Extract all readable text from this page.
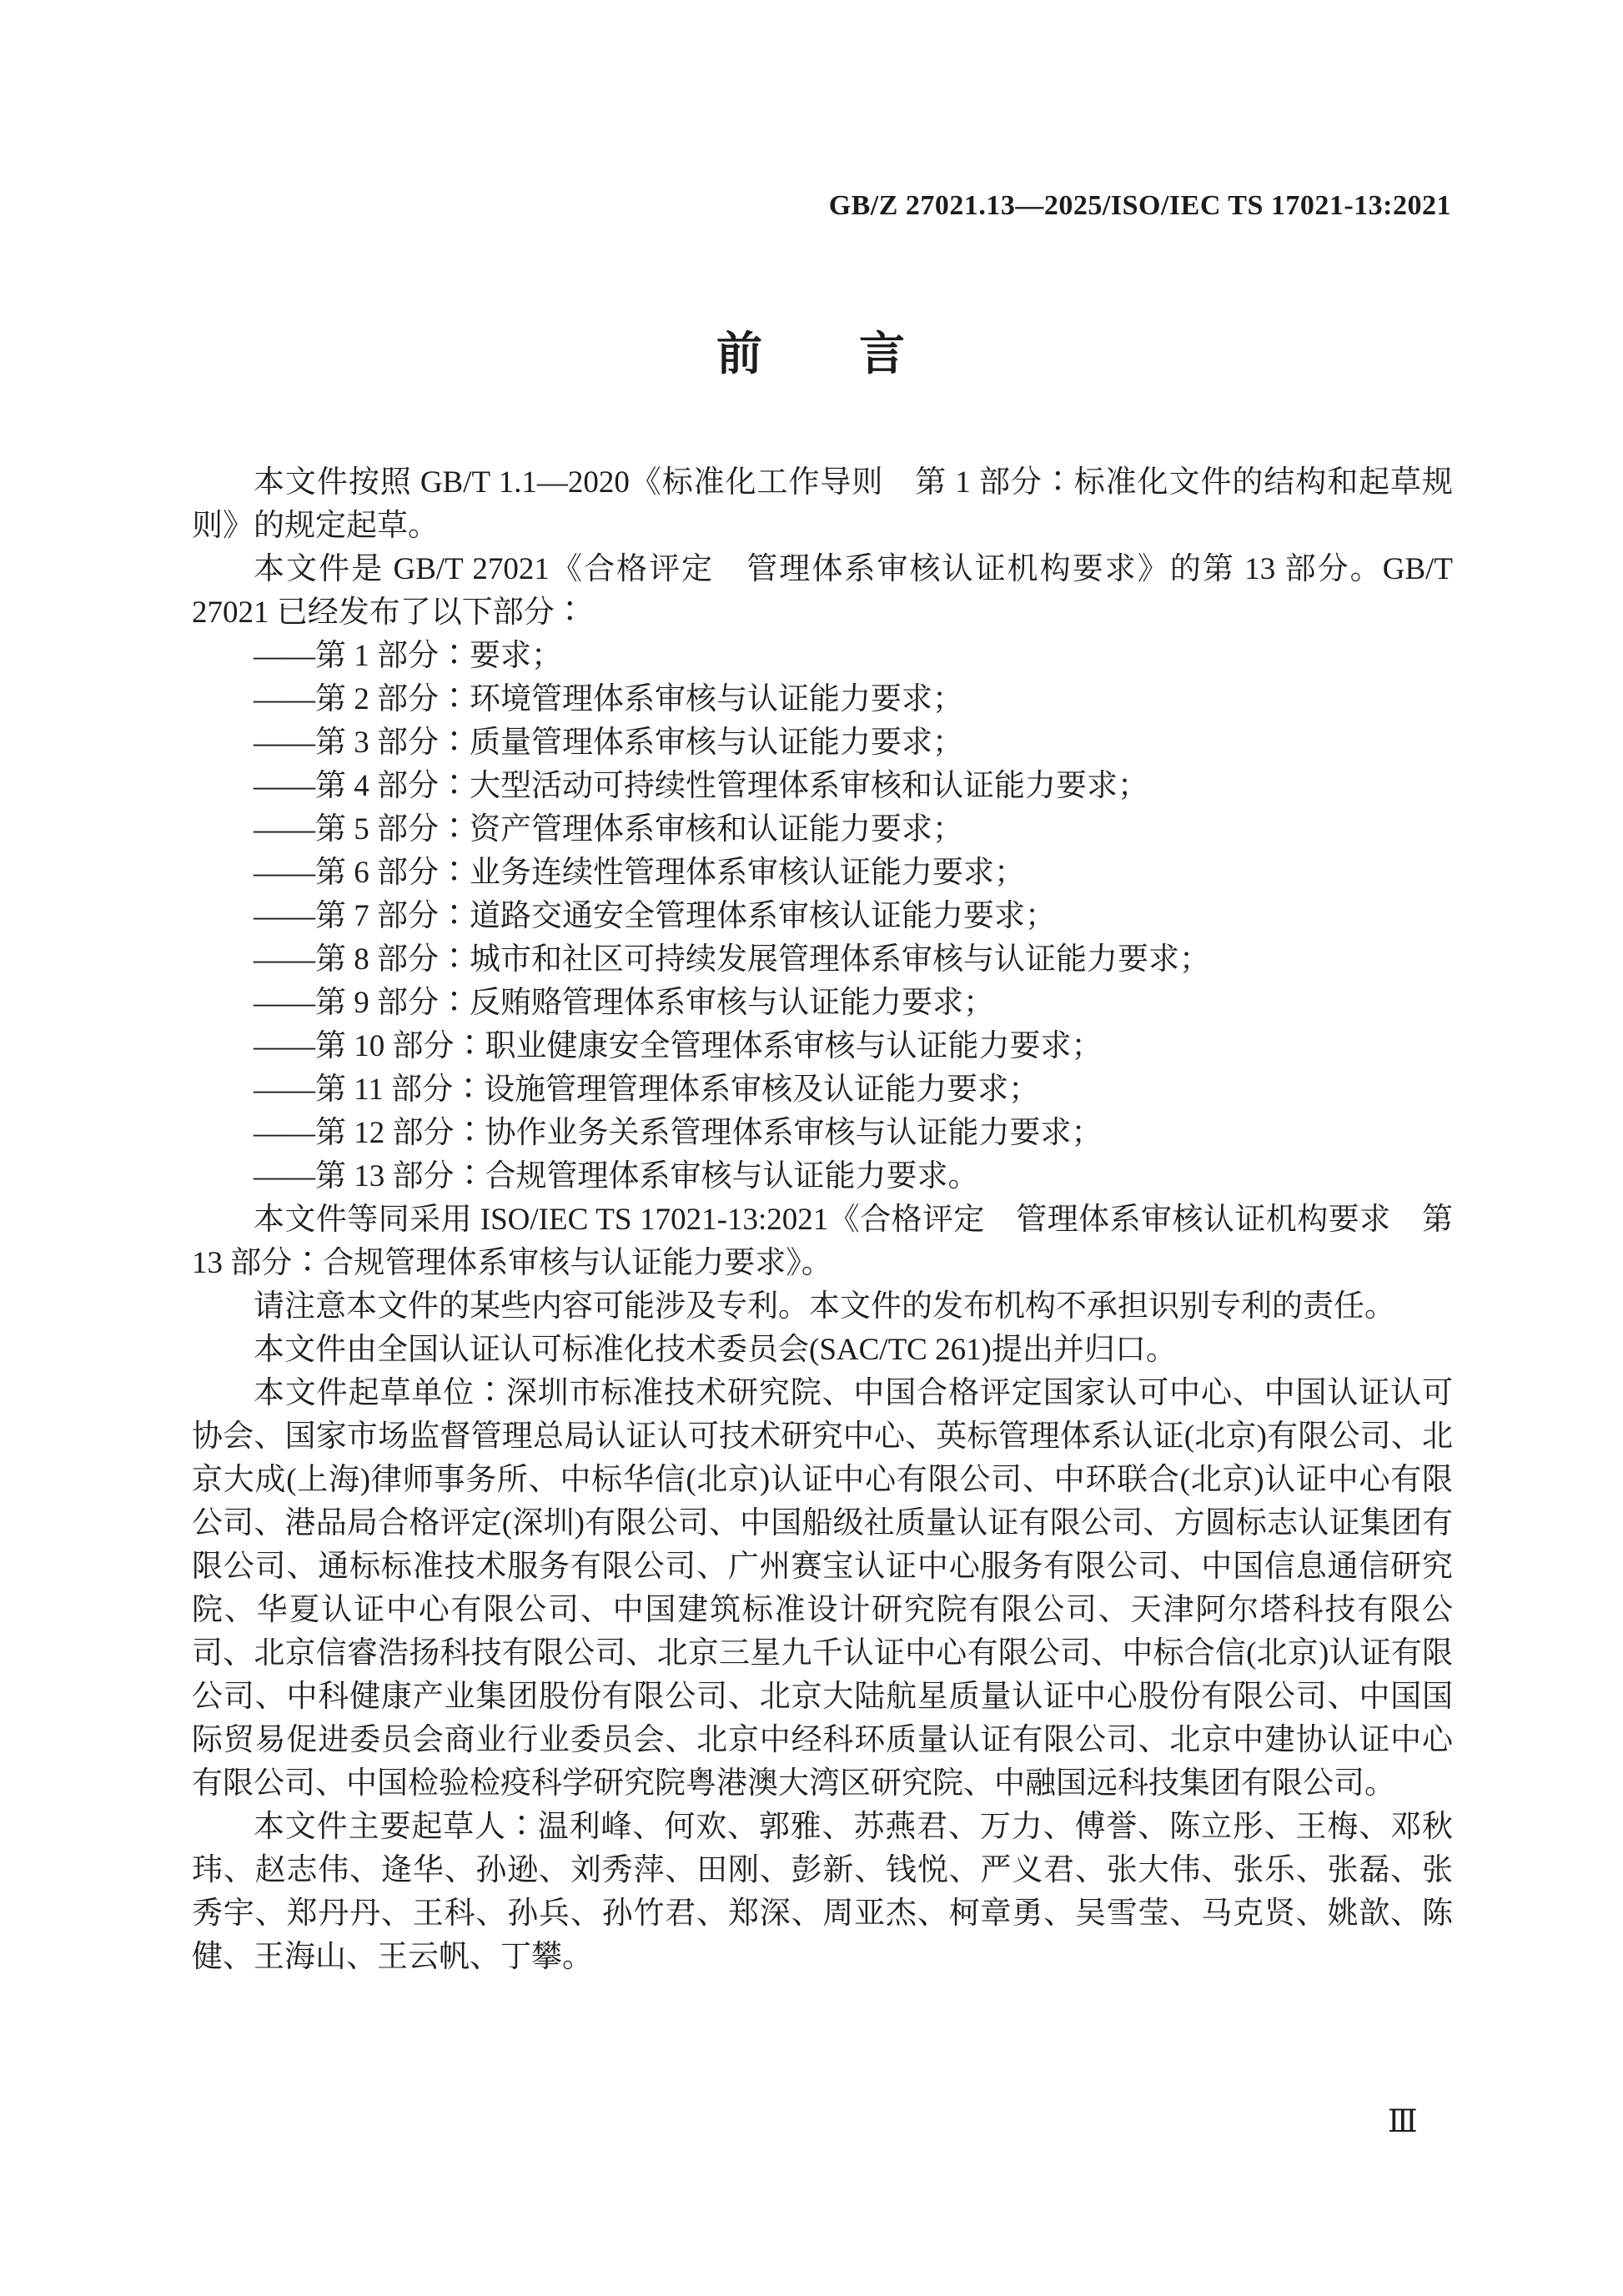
GB/Z 27021.13—2025/ISO/IEC TS 17021-13:2021
前　　言
本文件按照 GB/T 1.1—2020《标准化工作导则　第 1 部分∶标准化文件的结构和起草规则》的规定起草。
本文件是 GB/T 27021《合格评定　管理体系审核认证机构要求》的第 13 部分。GB/T 27021 已经发布了以下部分∶
——第 1 部分∶要求；
——第 2 部分∶环境管理体系审核与认证能力要求；
——第 3 部分∶质量管理体系审核与认证能力要求；
——第 4 部分∶大型活动可持续性管理体系审核和认证能力要求；
——第 5 部分∶资产管理体系审核和认证能力要求；
——第 6 部分∶业务连续性管理体系审核认证能力要求；
——第 7 部分∶道路交通安全管理体系审核认证能力要求；
——第 8 部分∶城市和社区可持续发展管理体系审核与认证能力要求；
——第 9 部分∶反贿赂管理体系审核与认证能力要求；
——第 10 部分∶职业健康安全管理体系审核与认证能力要求；
——第 11 部分∶设施管理管理体系审核及认证能力要求；
——第 12 部分∶协作业务关系管理体系审核与认证能力要求；
——第 13 部分∶合规管理体系审核与认证能力要求。
本文件等同采用 ISO/IEC TS 17021-13:2021《合格评定　管理体系审核认证机构要求　第 13 部分∶合规管理体系审核与认证能力要求》。
请注意本文件的某些内容可能涉及专利。本文件的发布机构不承担识别专利的责任。
本文件由全国认证认可标准化技术委员会(SAC/TC 261)提出并归口。
本文件起草单位∶深圳市标准技术研究院、中国合格评定国家认可中心、中国认证认可协会、国家市场监督管理总局认证认可技术研究中心、英标管理体系认证(北京)有限公司、北京大成(上海)律师事务所、中标华信(北京)认证中心有限公司、中环联合(北京)认证中心有限公司、港品局合格评定(深圳)有限公司、中国船级社质量认证有限公司、方圆标志认证集团有限公司、通标标准技术服务有限公司、广州赛宝认证中心服务有限公司、中国信息通信研究院、华夏认证中心有限公司、中国建筑标准设计研究院有限公司、天津阿尔塔科技有限公司、北京信睿浩扬科技有限公司、北京三星九千认证中心有限公司、中标合信(北京)认证有限公司、中科健康产业集团股份有限公司、北京大陆航星质量认证中心股份有限公司、中国国际贸易促进委员会商业行业委员会、北京中经科环质量认证有限公司、北京中建协认证中心有限公司、中国检验检疫科学研究院粤港澳大湾区研究院、中融国远科技集团有限公司。
本文件主要起草人∶温利峰、何欢、郭雅、苏燕君、万力、傅誉、陈立彤、王梅、邓秋玮、赵志伟、逄华、孙逊、刘秀萍、田刚、彭新、钱悦、严义君、张大伟、张乐、张磊、张秀宇、郑丹丹、王科、孙兵、孙竹君、郑深、周亚杰、柯章勇、吴雪莹、马克贤、姚歆、陈健、王海山、王云帆、丁攀。
Ⅲ
